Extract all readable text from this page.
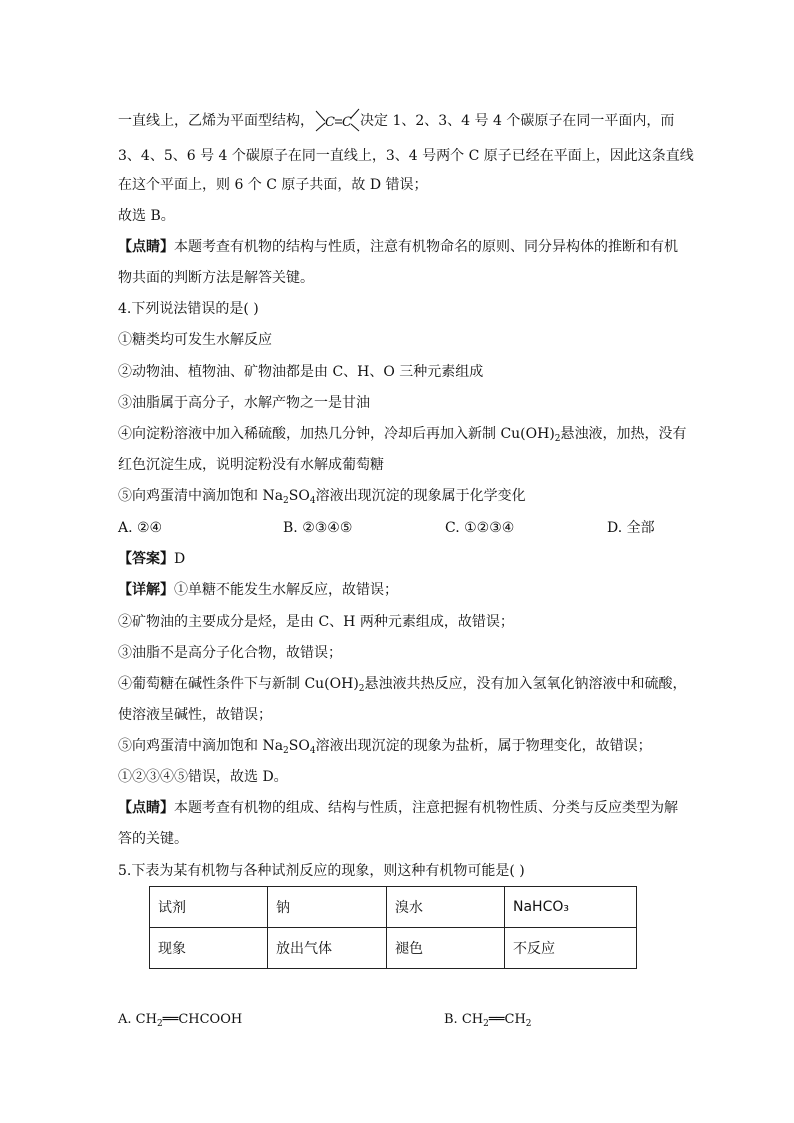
一直线上，乙烯为平面型结构， C C 决定 1、2、3、4 号 4 个碳原子在同一平面内，而
3、4、5、6 号 4 个碳原子在同一直线上，3、4 号两个 C 原子已经在平面上，因此这条直线
在这个平面上，则 6 个 C 原子共面，故 D 错误；
故选 B。
【点睛】本题考查有机物的结构与性质，注意有机物命名的原则、同分异构体的推断和有机
物共面的判断方法是解答关键。
4.下列说法错误的是( )
①糖类均可发生水解反应
②动物油、植物油、矿物油都是由 C、H、O 三种元素组成
③油脂属于高分子，水解产物之一是甘油
④向淀粉溶液中加入稀硫酸，加热几分钟，冷却后再加入新制 $Cu(OH)_2$悬浊液，加热，没有
红色沉淀生成，说明淀粉没有水解成葡萄糖
⑤向鸡蛋清中滴加饱和 $Na_2SO_4$溶液出现沉淀的现象属于化学变化
A. ②④	B. ②③④⑤	C. ①②③④	D. 全部
【答案】D
【详解】①单糖不能发生水解反应，故错误；
②矿物油的主要成分是烃，是由 C、H 两种元素组成，故错误；
③油脂不是高分子化合物，故错误；
④葡萄糖在碱性条件下与新制 $Cu(OH)_2$悬浊液共热反应，没有加入氢氧化钠溶液中和硫酸，
使溶液呈碱性，故错误；
⑤向鸡蛋清中滴加饱和 $Na_2SO_4$溶液出现沉淀的现象为盐析，属于物理变化，故错误；
①②③④⑤错误，故选 D。
【点睛】本题考查有机物的组成、结构与性质，注意把握有机物性质、分类与反应类型为解
答的关键。
5.下表为某有机物与各种试剂反应的现象，则这种有机物可能是( )
试剂	钠	溴水	NaHCO₃
现象	放出气体	褪色	不反应
A. $CH_2══CHCOOH$	B. $CH_2══CH_2$
